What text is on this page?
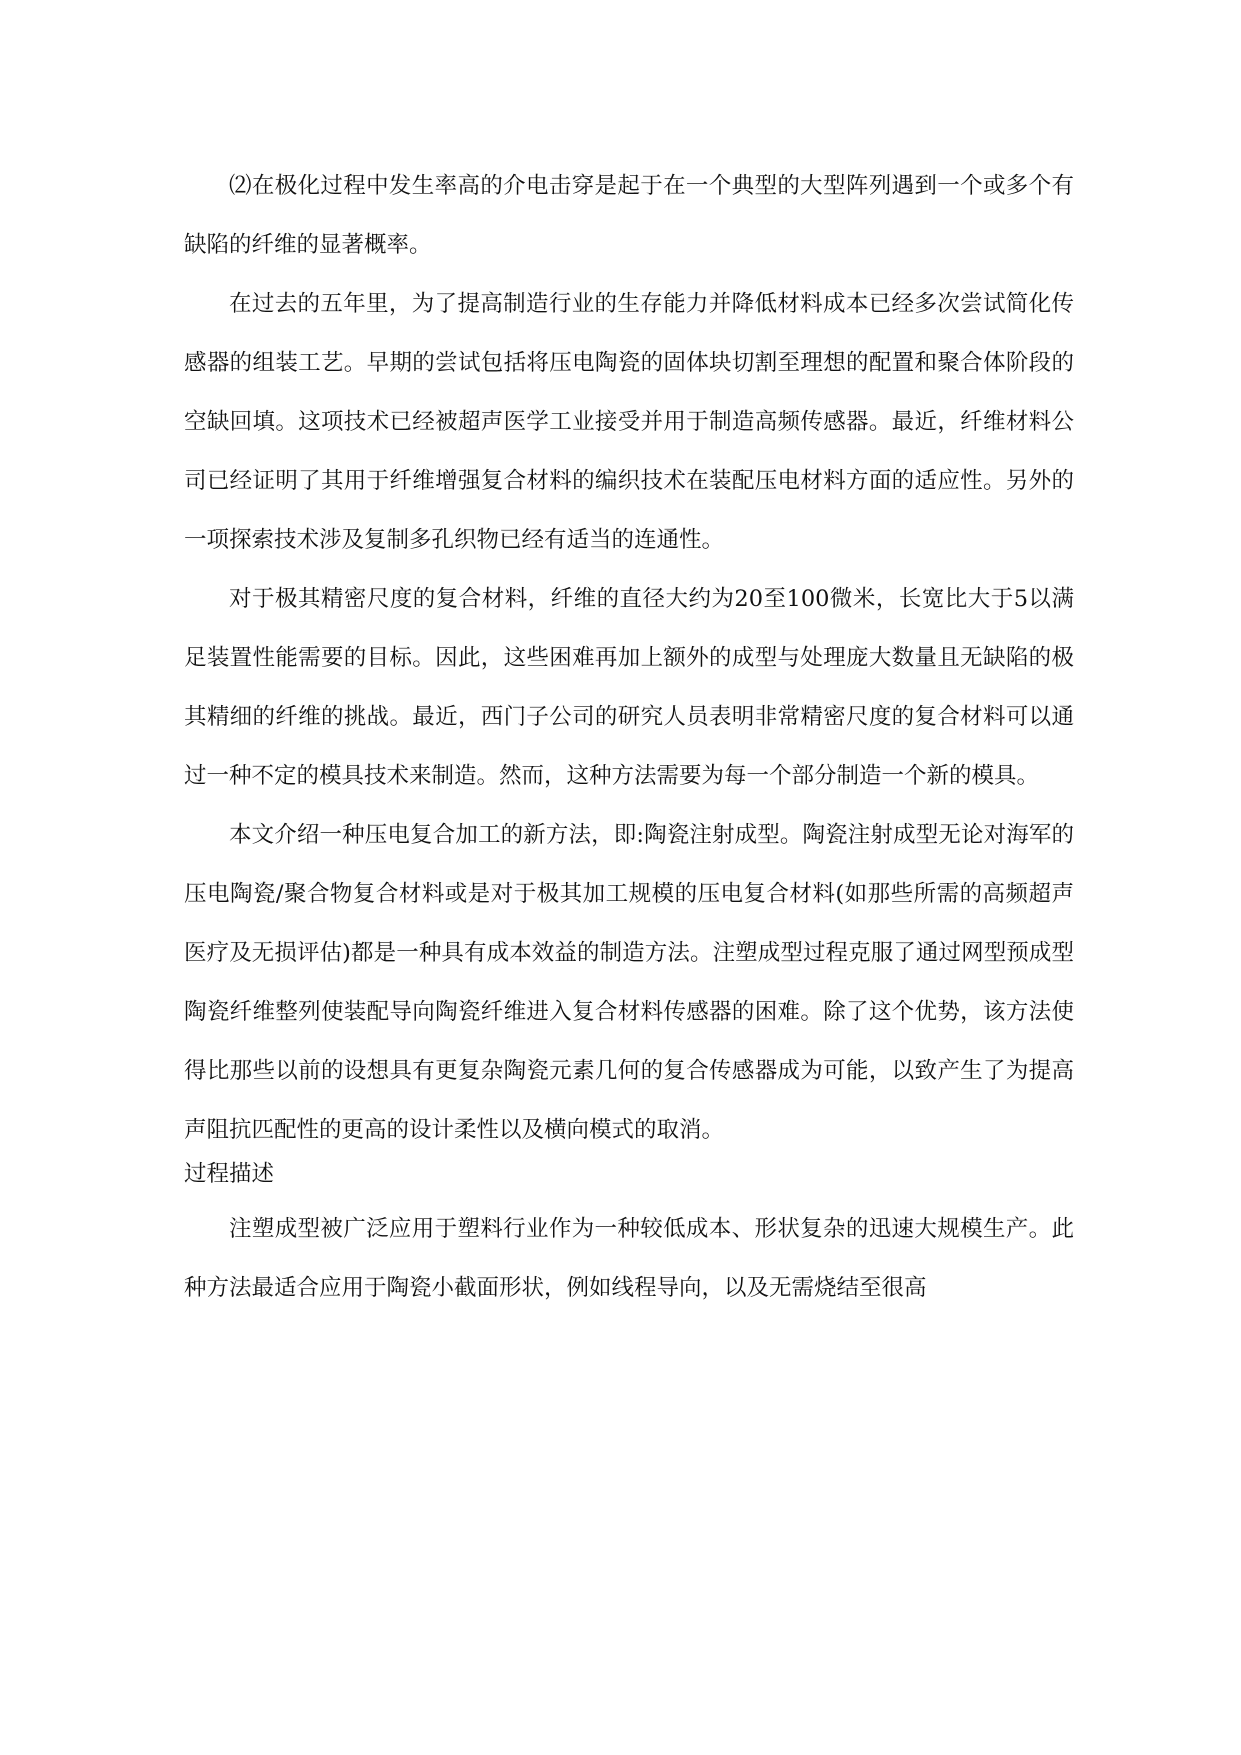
⑵在极化过程中发生率高的介电击穿是起于在一个典型的大型阵列遇到一个或多个有缺陷的纤维的显著概率。

在过去的五年里，为了提高制造行业的生存能力并降低材料成本已经多次尝试简化传感器的组装工艺。早期的尝试包括将压电陶瓷的固体块切割至理想的配置和聚合体阶段的空缺回填。这项技术已经被超声医学工业接受并用于制造高频传感器。最近，纤维材料公司已经证明了其用于纤维增强复合材料的编织技术在装配压电材料方面的适应性。另外的一项探索技术涉及复制多孔织物已经有适当的连通性。

对于极其精密尺度的复合材料，纤维的直径大约为20至100微米，长宽比大于5以满足装置性能需要的目标。因此，这些困难再加上额外的成型与处理庞大数量且无缺陷的极其精细的纤维的挑战。最近，西门子公司的研究人员表明非常精密尺度的复合材料可以通过一种不定的模具技术来制造。然而，这种方法需要为每一个部分制造一个新的模具。

本文介绍一种压电复合加工的新方法，即:陶瓷注射成型。陶瓷注射成型无论对海军的压电陶瓷/聚合物复合材料或是对于极其加工规模的压电复合材料(如那些所需的高频超声医疗及无损评估)都是一种具有成本效益的制造方法。注塑成型过程克服了通过网型预成型陶瓷纤维整列使装配导向陶瓷纤维进入复合材料传感器的困难。除了这个优势，该方法使得比那些以前的设想具有更复杂陶瓷元素几何的复合传感器成为可能，以致产生了为提高声阻抗匹配性的更高的设计柔性以及横向模式的取消。

过程描述

注塑成型被广泛应用于塑料行业作为一种较低成本、形状复杂的迅速大规模生产。此种方法最适合应用于陶瓷小截面形状，例如线程导向，以及无需烧结至很高
